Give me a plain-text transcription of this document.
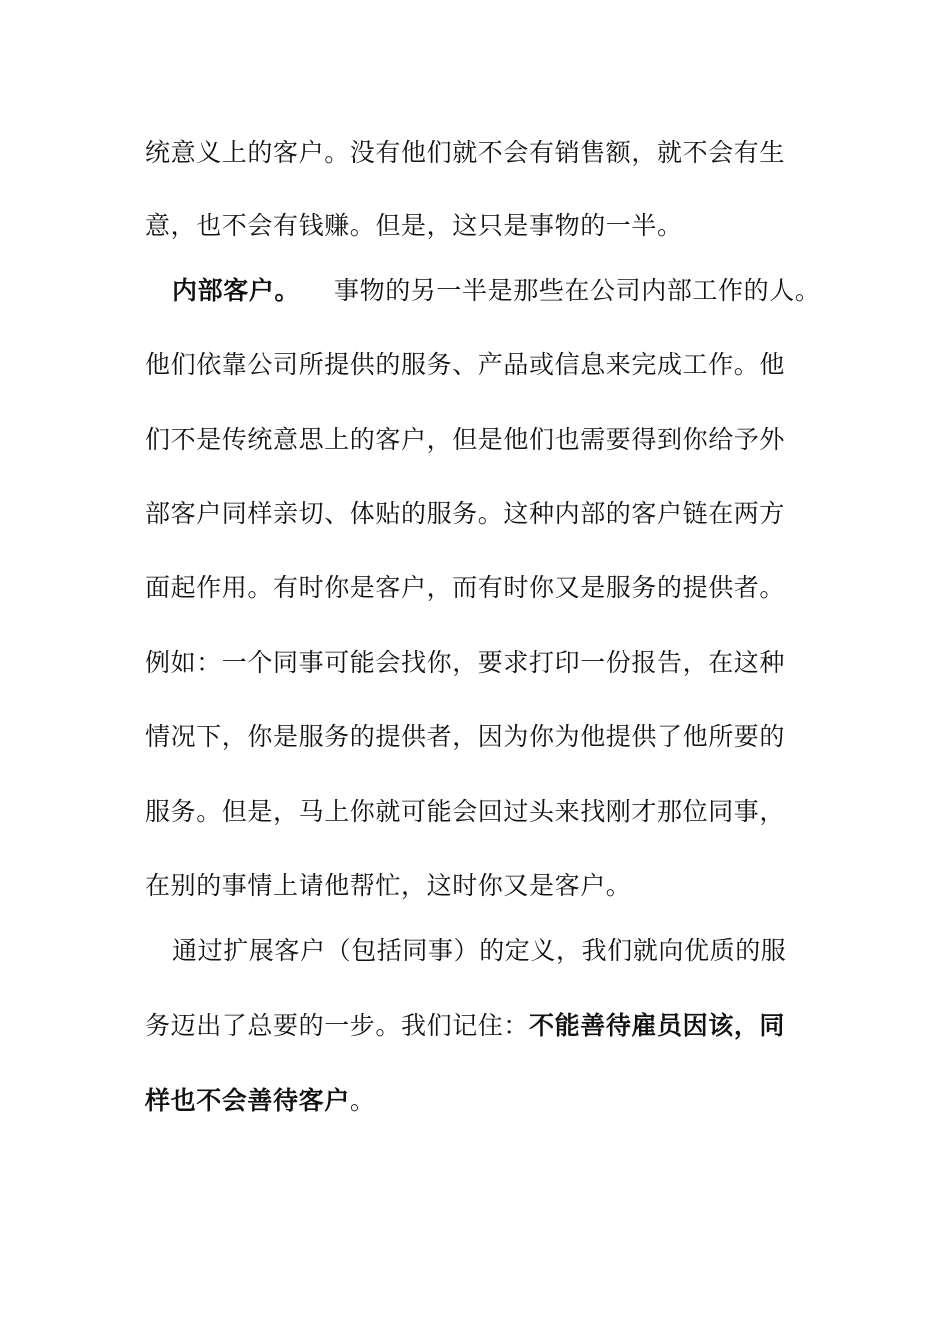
统意义上的客户。没有他们就不会有销售额，就不会有生
意，也不会有钱赚。但是，这只是事物的一半。
内部客户。 事物的另一半是那些在公司内部工作的人。
他们依靠公司所提供的服务、产品或信息来完成工作。他
们不是传统意思上的客户，但是他们也需要得到你给予外
部客户同样亲切、体贴的服务。这种内部的客户链在两方
面起作用。有时你是客户，而有时你又是服务的提供者。
例如：一个同事可能会找你，要求打印一份报告，在这种
情况下，你是服务的提供者，因为你为他提供了他所要的
服务。但是，马上你就可能会回过头来找刚才那位同事，
在别的事情上请他帮忙，这时你又是客户。
通过扩展客户（包括同事）的定义，我们就向优质的服
务迈出了总要的一步。我们记住：不能善待雇员因该，同
样也不会善待客户。
